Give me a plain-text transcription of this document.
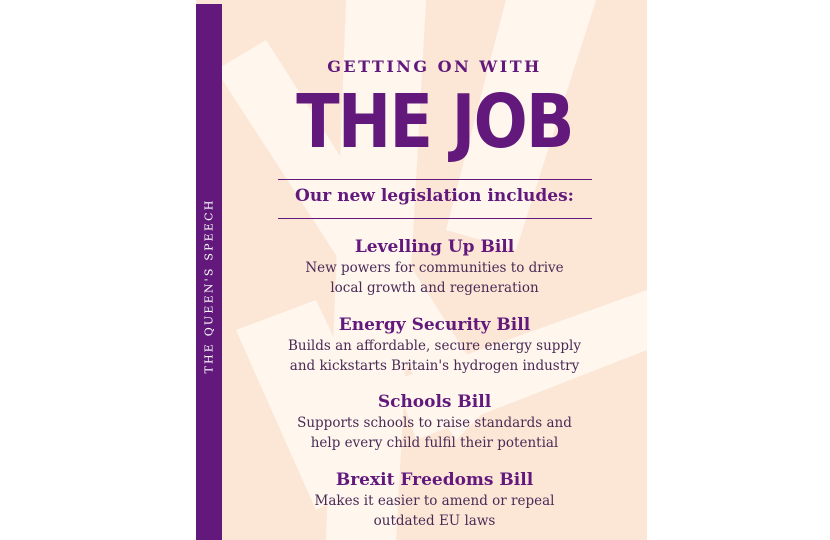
THE QUEEN'S SPEECH
GETTING ON WITH
THE JOB
Our new legislation includes:
Levelling Up Bill
New powers for communities to drive
local growth and regeneration
Energy Security Bill
Builds an affordable, secure energy supply
and kickstarts Britain's hydrogen industry
Schools Bill
Supports schools to raise standards and
help every child fulfil their potential
Brexit Freedoms Bill
Makes it easier to amend or repeal
outdated EU laws
